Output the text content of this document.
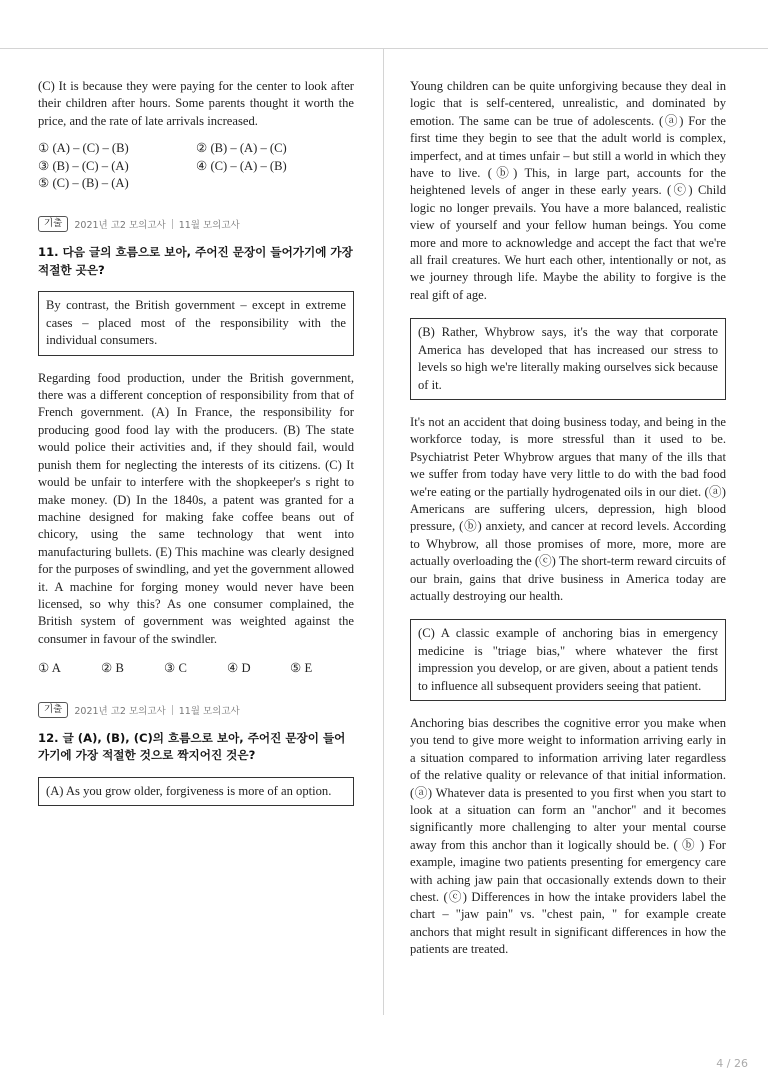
(C) It is because they were paying for the center to look after their children after hours. Some parents thought it worth the price, and the rate of late arrivals increased.

① (A) – (C) – (B)	② (B) – (A) – (C)
③ (B) – (C) – (A)	④ (C) – (A) – (B)
⑤ (C) – (B) – (A)
기출	2021년 고2 모의고사 11월 모의고사
11. 다음 글의 흐름으로 보아, 주어진 문장이 들어가기에 가장 적절한 곳은?

By contrast, the British government – except in extreme cases – placed most of the responsibility with the individual consumers.

Regarding food production, under the British government, there was a different conception of responsibility from that of French government. (A) In France, the responsibility for producing good food lay with the producers. (B) The state would police their activities and, if they should fail, would punish them for neglecting the interests of its citizens. (C) It would be unfair to interfere with the shopkeeper's s right to make money. (D) In the 1840s, a patent was granted for a machine designed for making fake coffee beans out of chicory, using the same technology that went into manufacturing bullets. (E) This machine was clearly designed for the purposes of swindling, and yet the government allowed it. A machine for forging money would never have been licensed, so why this? As one consumer complained, the British system of government was weighted against the consumer in favour of the swindler.

① A	② B	③ C	④ D	⑤ E
기출	2021년 고2 모의고사 11월 모의고사
12. 글 (A), (B), (C)의 흐름으로 보아, 주어진 문장이 들어가기에 가장 적절한 것으로 짝지어진 것은?

(A) As you grow older, forgiveness is more of an option.

Young children can be quite unforgiving because they deal in logic that is self-centered, unrealistic, and dominated by emotion. The same can be true of adolescents. (ⓐ) For the first time they begin to see that the adult world is complex, imperfect, and at times unfair – but still a world in which they have to live. (ⓑ) This, in large part, accounts for the heightened levels of anger in these early years. (ⓒ) Child logic no longer prevails. You have a more balanced, realistic view of yourself and your fellow human beings. You come more and more to acknowledge and accept the fact that we're all frail creatures. We hurt each other, intentionally or not, as we journey through life. Maybe the ability to forgive is the real gift of age.

(B) Rather, Whybrow says, it's the way that corporate America has developed that has increased our stress to levels so high we're literally making ourselves sick because of it.

It's not an accident that doing business today, and being in the workforce today, is more stressful than it used to be. Psychiatrist Peter Whybrow argues that many of the ills that we suffer from today have very little to do with the bad food we're eating or the partially hydrogenated oils in our diet. (ⓐ) Americans are suffering ulcers, depression, high blood pressure, (ⓑ) anxiety, and cancer at record levels. According to Whybrow, all those promises of more, more, more are actually overloading the (ⓒ) The short-term reward circuits of our brain, gains that drive business in America today are actually destroying our health.

(C) A classic example of anchoring bias in emergency medicine is "triage bias," where whatever the first impression you develop, or are given, about a patient tends to influence all subsequent providers seeing that patient.

Anchoring bias describes the cognitive error you make when you tend to give more weight to information arriving early in a situation compared to information arriving later regardless of the relative quality or relevance of that initial information. (ⓐ) Whatever data is presented to you first when you start to look at a situation can form an "anchor" and it becomes significantly more challenging to alter your mental course away from this anchor than it logically should be. ( ⓑ ) For example, imagine two patients presenting for emergency care with aching jaw pain that occasionally extends down to their chest. (ⓒ) Differences in how the intake providers label the chart – "jaw pain" vs. "chest pain, " for example create anchors that might result in significant differences in how the patients are treated.

4 / 26
